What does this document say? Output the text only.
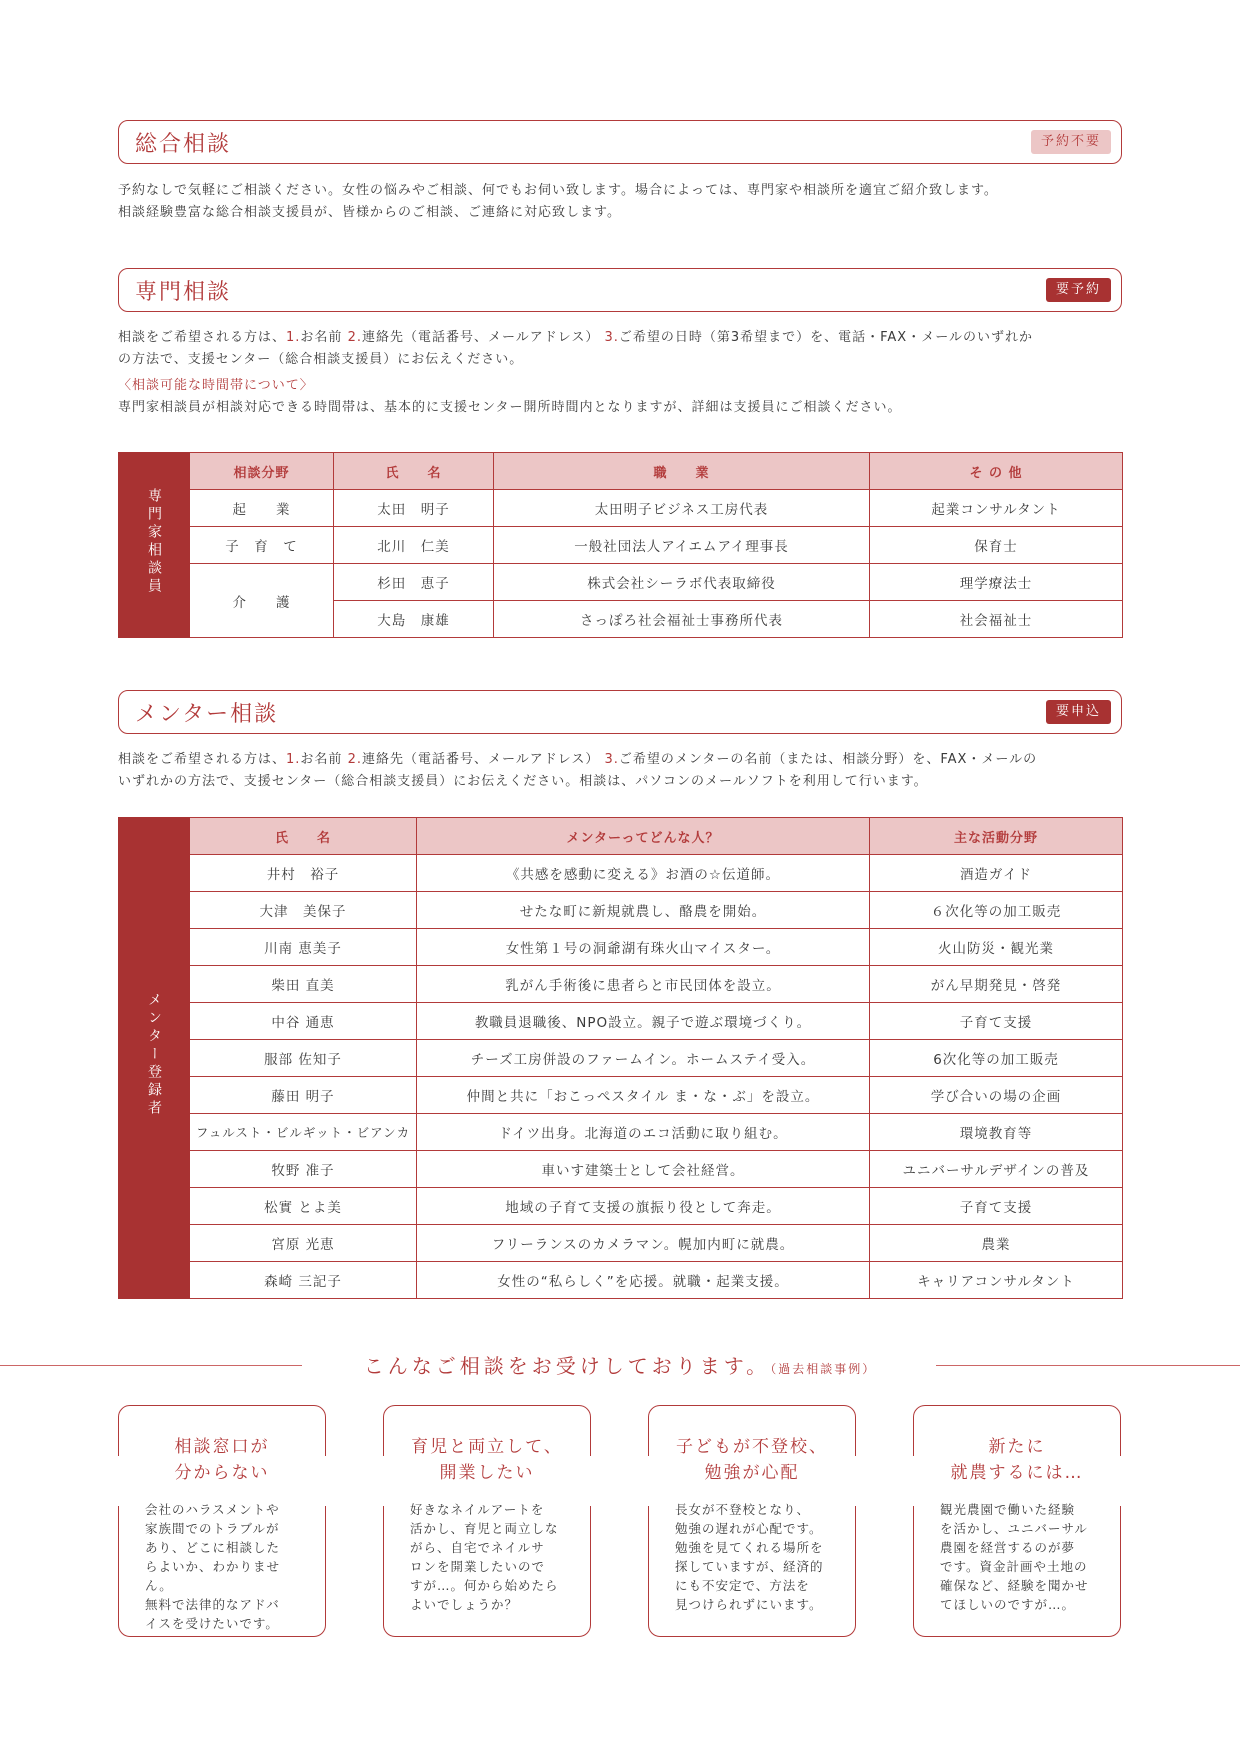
総合相談	予約不要
予約なしで気軽にご相談ください。女性の悩みやご相談、何でもお伺い致します。場合によっては、専門家や相談所を適宜ご紹介致します。
相談経験豊富な総合相談支援員が、皆様からのご相談、ご連絡に対応致します。
専門相談	要予約
相談をご希望される方は、1.お名前 2.連絡先（電話番号、メールアドレス） 3.ご希望の日時（第3希望まで）を、電話・FAX・メールのいずれか
の方法で、支援センター（総合相談支援員）にお伝えください。
〈相談可能な時間帯について〉
専門家相談員が相談対応できる時間帯は、基本的に支援センター開所時間内となりますが、詳細は支援員にご相談ください。
専門家相談員	相談分野	氏　　名	職　　業	そ の 他
	起　　業	太田　明子	太田明子ビジネス工房代表	起業コンサルタント
	子　育　て	北川　仁美	一般社団法人アイエムアイ理事長	保育士
	介　　護	杉田　恵子	株式会社シーラボ代表取締役	理学療法士
		大島　康雄	さっぽろ社会福祉士事務所代表	社会福祉士
メンター相談	要申込
相談をご希望される方は、1.お名前 2.連絡先（電話番号、メールアドレス） 3.ご希望のメンターの名前（または、相談分野）を、FAX・メールの
いずれかの方法で、支援センター（総合相談支援員）にお伝えください。相談は、パソコンのメールソフトを利用して行います。
メンター登録者	氏　　名	メンターってどんな人？	主な活動分野
	井村　裕子	《共感を感動に変える》お酒の☆伝道師。	酒造ガイド
	大津　美保子	せたな町に新規就農し、酪農を開始。	６次化等の加工販売
	川南 恵美子	女性第１号の洞爺湖有珠火山マイスター。	火山防災・観光業
	柴田 直美	乳がん手術後に患者らと市民団体を設立。	がん早期発見・啓発
	中谷 通恵	教職員退職後、NPO設立。親子で遊ぶ環境づくり。	子育て支援
	服部 佐知子	チーズ工房併設のファームイン。ホームステイ受入。	6次化等の加工販売
	藤田 明子	仲間と共に「おこっぺスタイル ま・な・ぶ」を設立。	学び合いの場の企画
	フュルスト・ビルギット・ビアンカ	ドイツ出身。北海道のエコ活動に取り組む。	環境教育等
	牧野 准子	車いす建築士として会社経営。	ユニバーサルデザインの普及
	松實 とよ美	地域の子育て支援の旗振り役として奔走。	子育て支援
	宮原 光恵	フリーランスのカメラマン。幌加内町に就農。	農業
	森崎 三記子	女性の“私らしく”を応援。就職・起業支援。	キャリアコンサルタント
こんなご相談をお受けしております。（過去相談事例）
相談窓口が
分からない
会社のハラスメントや
家族間でのトラブルが
あり、どこに相談した
らよいか、わかりません。
無料で法律的なアドバ
イスを受けたいです。
育児と両立して、
開業したい
好きなネイルアートを
活かし、育児と両立しな
がら、自宅でネイルサ
ロンを開業したいので
すが…。何から始めたら
よいでしょうか？
子どもが不登校、
勉強が心配
長女が不登校となり、
勉強の遅れが心配です。
勉強を見てくれる場所を
探していますが、経済的
にも不安定で、方法を
見つけられずにいます。
新たに
就農するには…
観光農園で働いた経験
を活かし、ユニバーサル
農園を経営するのが夢
です。資金計画や土地の
確保など、経験を聞かせ
てほしいのですが…。
